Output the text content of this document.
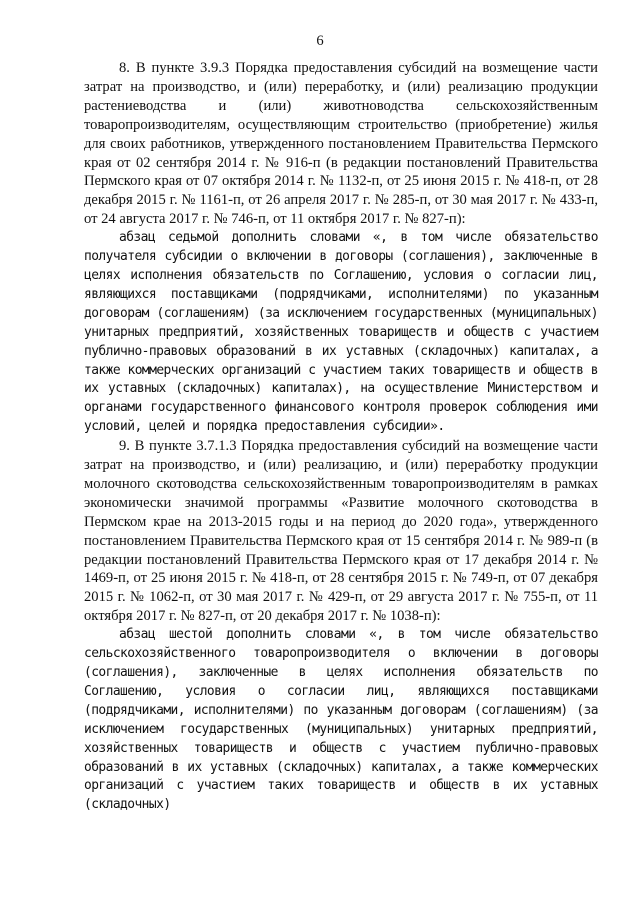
6

8. В пункте 3.9.3 Порядка предоставления субсидий на возмещение части затрат на производство, и (или) переработку, и (или) реализацию продукции растениеводства и (или) животноводства сельскохозяйственным товаропроизводителям, осуществляющим строительство (приобретение) жилья для своих работников, утвержденного постановлением Правительства Пермского края от 02 сентября 2014 г. № 916-п (в редакции постановлений Правительства Пермского края от 07 октября 2014 г. № 1132-п, от 25 июня 2015 г. № 418-п, от 28 декабря 2015 г. № 1161-п, от 26 апреля 2017 г. № 285-п, от 30 мая 2017 г. № 433-п, от 24 августа 2017 г. № 746-п, от 11 октября 2017 г. № 827-п):

абзац седьмой дополнить словами «, в том числе обязательство получателя субсидии о включении в договоры (соглашения), заключенные в целях исполнения обязательств по Соглашению, условия о согласии лиц, являющихся поставщиками (подрядчиками, исполнителями) по указанным договорам (соглашениям) (за исключением государственных (муниципальных) унитарных предприятий, хозяйственных товариществ и обществ с участием публично-правовых образований в их уставных (складочных) капиталах, а также коммерческих организаций с участием таких товариществ и обществ в их уставных (складочных) капиталах), на осуществление Министерством и органами государственного финансового контроля проверок соблюдения ими условий, целей и порядка предоставления субсидии».

9. В пункте 3.7.1.3 Порядка предоставления субсидий на возмещение части затрат на производство, и (или) реализацию, и (или) переработку продукции молочного скотоводства сельскохозяйственным товаропроизводителям в рамках экономически значимой программы «Развитие молочного скотоводства в Пермском крае на 2013-2015 годы и на период до 2020 года», утвержденного постановлением Правительства Пермского края от 15 сентября 2014 г. № 989-п (в редакции постановлений Правительства Пермского края от 17 декабря 2014 г. № 1469-п, от 25 июня 2015 г. № 418-п, от 28 сентября 2015 г. № 749-п, от 07 декабря 2015 г. № 1062-п, от 30 мая 2017 г. № 429-п, от 29 августа 2017 г. № 755-п, от 11 октября 2017 г. № 827-п, от 20 декабря 2017 г. № 1038-п):

абзац шестой дополнить словами «, в том числе обязательство сельскохозяйственного товаропроизводителя о включении в договоры (соглашения), заключенные в целях исполнения обязательств по Соглашению, условия о согласии лиц, являющихся поставщиками (подрядчиками, исполнителями) по указанным договорам (соглашениям) (за исключением государственных (муниципальных) унитарных предприятий, хозяйственных товариществ и обществ с участием публично-правовых образований в их уставных (складочных) капиталах, а также коммерческих организаций с участием таких товариществ и обществ в их уставных (складочных)
